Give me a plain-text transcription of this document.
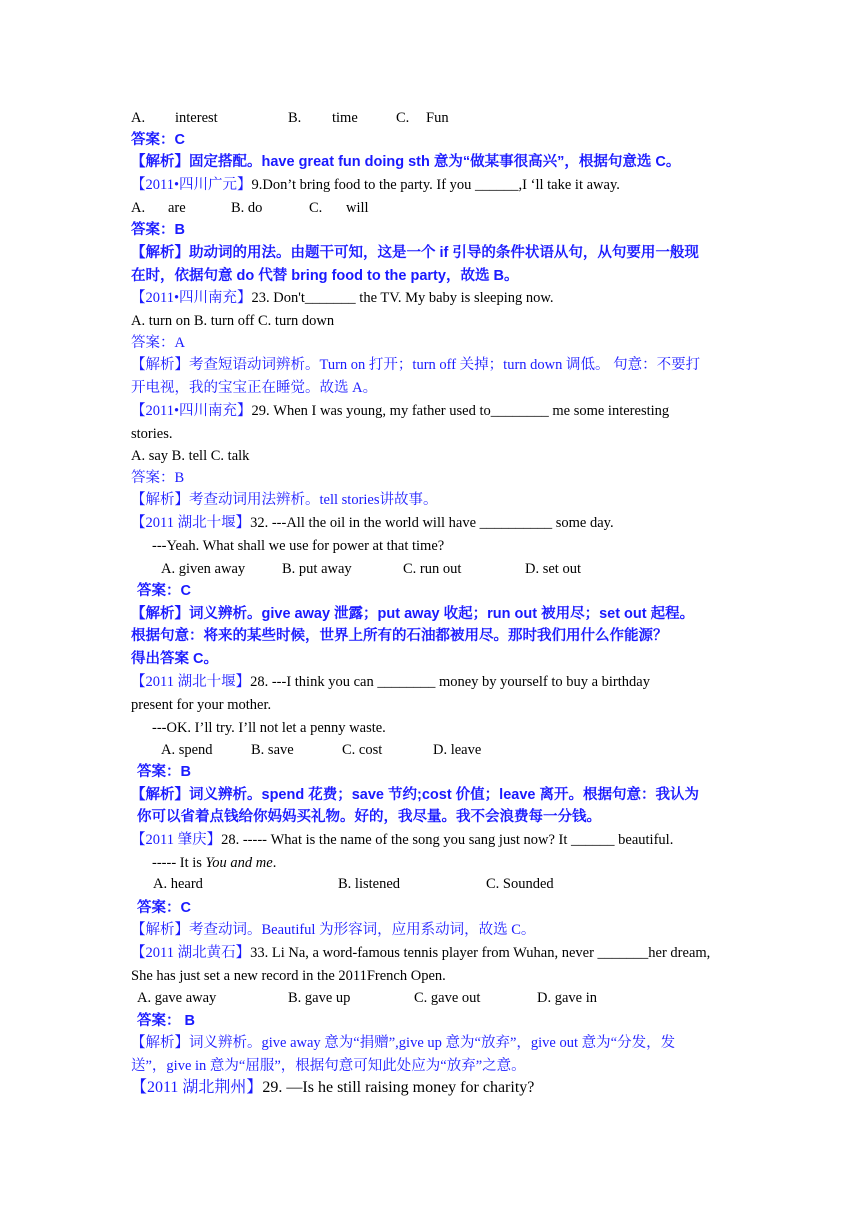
A. interest	B. time	C. Fun
答案：C
【解析】固定搭配。have great fun doing sth 意为“做某事很高兴”，根据句意选 C。
【2011•四川广元】9.Don’t bring food to the party. If you ______,I ‘ll take it away.
A. are	B. do	C. will
答案：B
【解析】助动词的用法。由题干可知，这是一个 if 引导的条件状语从句，从句要用一般现
在时，依据句意 do 代替 bring food to the party，故选 B。
【2011•四川南充】23. Don't_______ the TV. My baby is sleeping now.
A. turn on B. turn off C. turn down
答案：A
【解析】考查短语动词辨析。Turn on 打开；turn off 关掉；turn down 调低。 句意：不要打
开电视，我的宝宝正在睡觉。故选 A。
【2011•四川南充】29. When I was young, my father used to________ me some interesting
stories.
A. say B. tell C. talk
答案：B
【解析】考查动词用法辨析。tell stories讲故事。
【2011 湖北十堰】32. ---All the oil in the world will have __________ some day.
---Yeah. What shall we use for power at that time?
A. given away	B. put away	C. run out	D. set out
答案：C
【解析】词义辨析。give away 泄露；put away 收起；run out 被用尽；set out 起程。
根据句意：将来的某些时候，世界上所有的石油都被用尽。那时我们用什么作能源？
得出答案 C。
【2011 湖北十堰】28. ---I think you can ________ money by yourself to buy a birthday
present for your mother.
---OK. I’ll try. I’ll not let a penny waste.
A. spend	B. save	C. cost	D. leave
答案：B
【解析】词义辨析。spend 花费；save 节约;cost 价值；leave 离开。根据句意：我认为
你可以省着点钱给你妈妈买礼物。好的，我尽量。我不会浪费每一分钱。
【2011 肇庆】28. ----- What is the name of the song you sang just now? It ______ beautiful.
----- It is You and me.
A. heard	B. listened	C. Sounded
答案：C
【解析】考查动词。Beautiful 为形容词，应用系动词，故选 C。
【2011 湖北黄石】33. Li Na, a word-famous tennis player from Wuhan, never _______her dream,
She has just set a new record in the 2011French Open.
A. gave away	B. gave up	C. gave out	D. gave in
答案： B
【解析】词义辨析。give away 意为“捐赠”,give up 意为“放弃”，give out 意为“分发，发
送”，give in 意为“屈服”，根据句意可知此处应为“放弃”之意。
【2011 湖北荆州】29. —Is he still raising money for charity?
